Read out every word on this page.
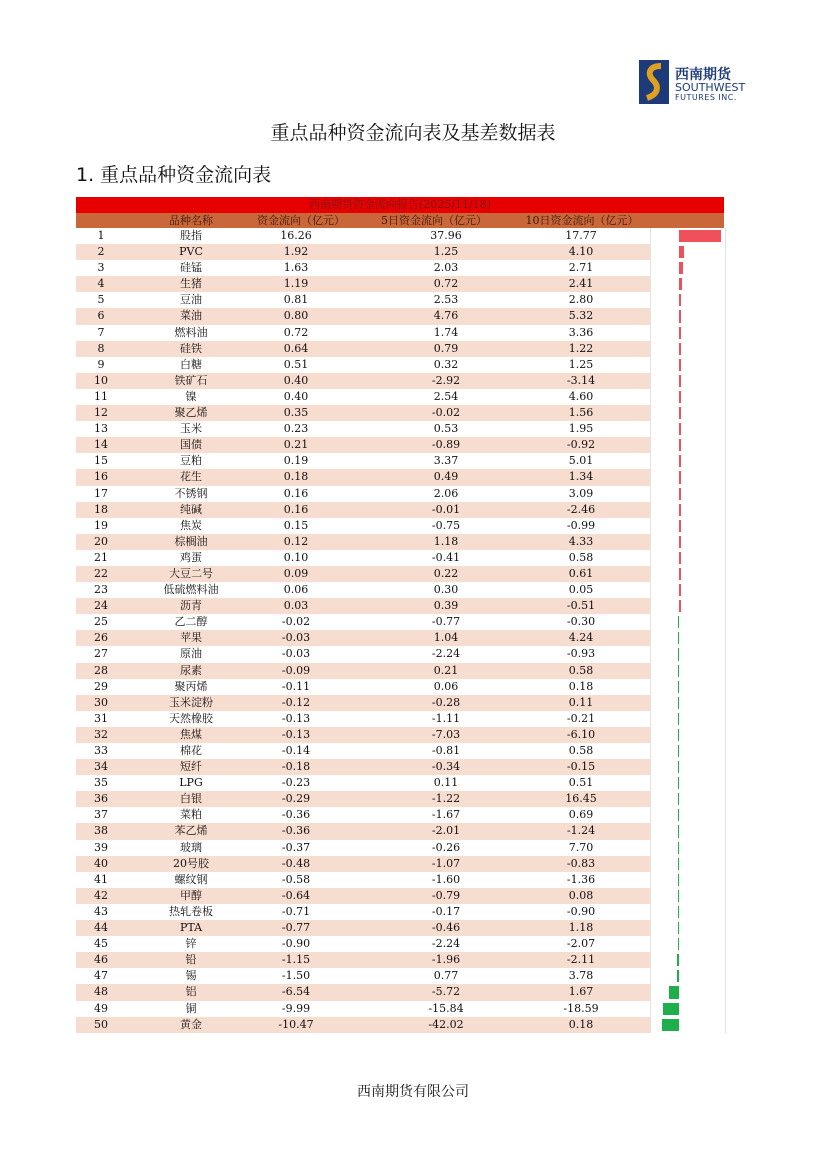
西南期货
SOUTHWEST
FUTURES INC.
重点品种资金流向表及基差数据表
1. 重点品种资金流向表
西南期货资金流向报告(2025/11/18)
品种名称	资金流向（亿元）	5日资金流向（亿元）	10日资金流向（亿元）
1	股指	16.26	37.96	17.77
2	PVC	1.92	1.25	4.10
3	硅锰	1.63	2.03	2.71
4	生猪	1.19	0.72	2.41
5	豆油	0.81	2.53	2.80
6	菜油	0.80	4.76	5.32
7	燃料油	0.72	1.74	3.36
8	硅铁	0.64	0.79	1.22
9	白糖	0.51	0.32	1.25
10	铁矿石	0.40	-2.92	-3.14
11	镍	0.40	2.54	4.60
12	聚乙烯	0.35	-0.02	1.56
13	玉米	0.23	0.53	1.95
14	国债	0.21	-0.89	-0.92
15	豆粕	0.19	3.37	5.01
16	花生	0.18	0.49	1.34
17	不锈钢	0.16	2.06	3.09
18	纯碱	0.16	-0.01	-2.46
19	焦炭	0.15	-0.75	-0.99
20	棕榈油	0.12	1.18	4.33
21	鸡蛋	0.10	-0.41	0.58
22	大豆二号	0.09	0.22	0.61
23	低硫燃料油	0.06	0.30	0.05
24	沥青	0.03	0.39	-0.51
25	乙二醇	-0.02	-0.77	-0.30
26	苹果	-0.03	1.04	4.24
27	原油	-0.03	-2.24	-0.93
28	尿素	-0.09	0.21	0.58
29	聚丙烯	-0.11	0.06	0.18
30	玉米淀粉	-0.12	-0.28	0.11
31	天然橡胶	-0.13	-1.11	-0.21
32	焦煤	-0.13	-7.03	-6.10
33	棉花	-0.14	-0.81	0.58
34	短纤	-0.18	-0.34	-0.15
35	LPG	-0.23	0.11	0.51
36	白银	-0.29	-1.22	16.45
37	菜粕	-0.36	-1.67	0.69
38	苯乙烯	-0.36	-2.01	-1.24
39	玻璃	-0.37	-0.26	7.70
40	20号胶	-0.48	-1.07	-0.83
41	螺纹钢	-0.58	-1.60	-1.36
42	甲醇	-0.64	-0.79	0.08
43	热轧卷板	-0.71	-0.17	-0.90
44	PTA	-0.77	-0.46	1.18
45	锌	-0.90	-2.24	-2.07
46	铅	-1.15	-1.96	-2.11
47	锡	-1.50	0.77	3.78
48	铝	-6.54	-5.72	1.67
49	铜	-9.99	-15.84	-18.59
50	黄金	-10.47	-42.02	0.18
西南期货有限公司
